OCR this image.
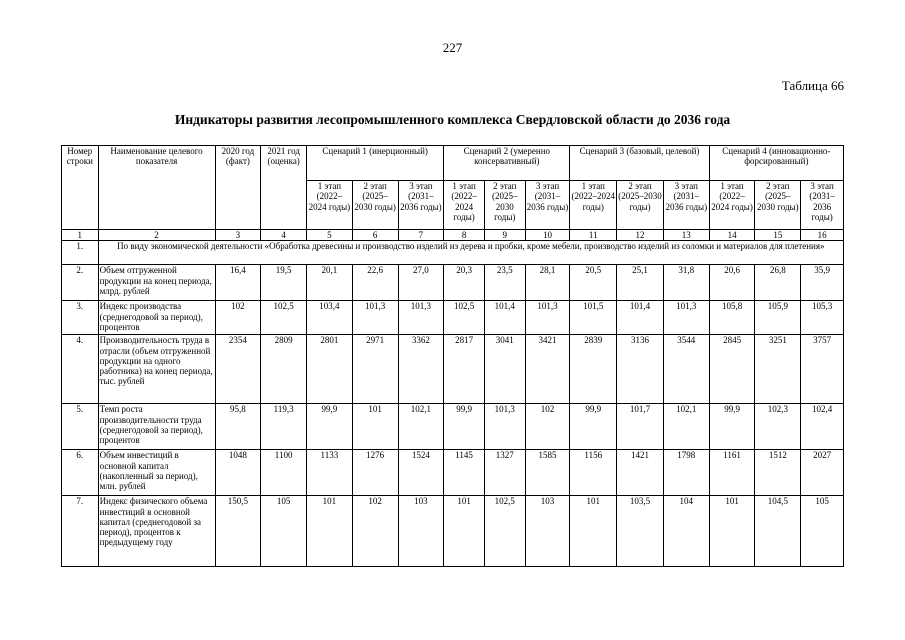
227
Таблица 66
Индикаторы развития лесопромышленного комплекса Свердловской области до 2036 года
Номер строки	Наименование целевого показателя	2020 год (факт)	2021 год (оценка)	Сценарий 1 (инерционный)			Сценарий 2 (умеренно консервативный)			Сценарий 3 (базовый, целевой)			Сценарий 4 (инновационно-форсированный)		
				1 этап (2022–2024 годы)	2 этап (2025–2030 годы)	3 этап (2031–2036 годы)	1 этап (2022–2024 годы)	2 этап (2025–2030 годы)	3 этап (2031–2036 годы)	1 этап (2022–2024 годы)	2 этап (2025–2030 годы)	3 этап (2031–2036 годы)	1 этап (2022–2024 годы)	2 этап (2025–2030 годы)	3 этап (2031–2036 годы)
1	2	3	4	5	6	7	8	9	10	11	12	13	14	15	16
1.	По виду экономической деятельности «Обработка древесины и производство изделий из дерева и пробки, кроме мебели, производство изделий из соломки и материалов для плетения»														
2.	Объем отгруженной продукции на конец периода, млрд. рублей	16,4	19,5	20,1	22,6	27,0	20,3	23,5	28,1	20,5	25,1	31,8	20,6	26,8	35,9
3.	Индекс производства (среднегодовой за период), процентов	102	102,5	103,4	101,3	101,3	102,5	101,4	101,3	101,5	101,4	101,3	105,8	105,9	105,3
4.	Производительность труда в отрасли (объем отгруженной продукции на одного работника) на конец периода, тыс. рублей	2354	2809	2801	2971	3362	2817	3041	3421	2839	3136	3544	2845	3251	3757
5.	Темп роста производительности труда (среднегодовой за период), процентов	95,8	119,3	99,9	101	102,1	99,9	101,3	102	99,9	101,7	102,1	99,9	102,3	102,4
6.	Объем инвестиций в основной капитал (накопленный за период), млн. рублей	1048	1100	1133	1276	1524	1145	1327	1585	1156	1421	1798	1161	1512	2027
7.	Индекс физического объема инвестиций в основной капитал (среднегодовой за период), процентов к предыдущему году	150,5	105	101	102	103	101	102,5	103	101	103,5	104	101	104,5	105
